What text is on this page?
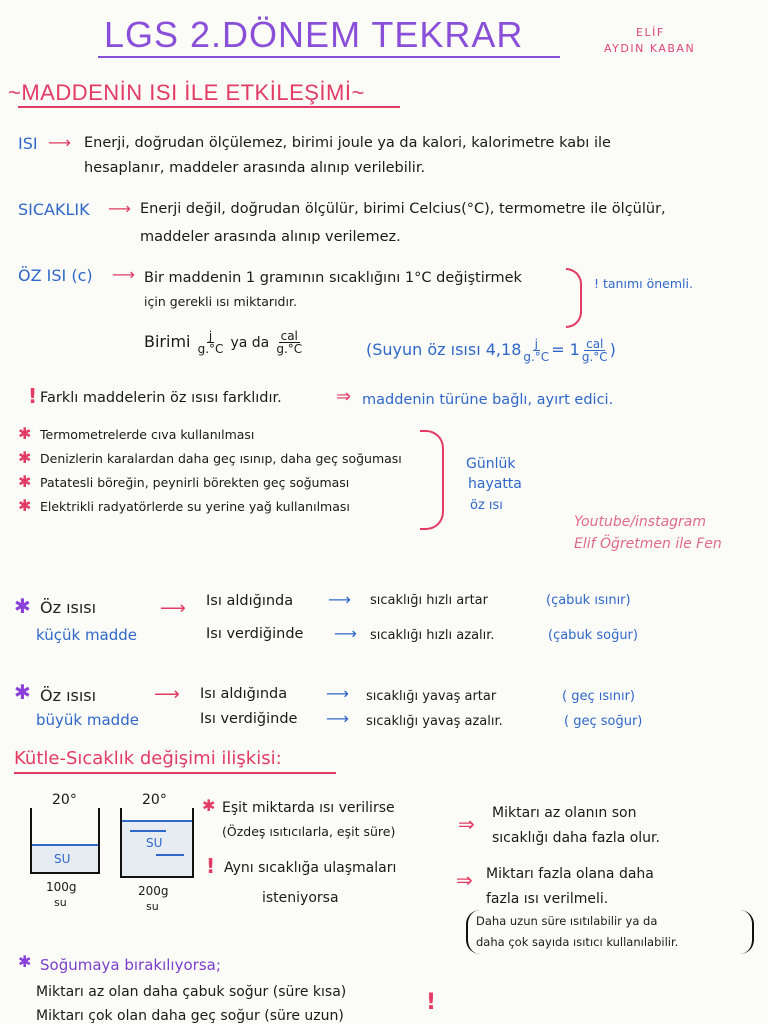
LGS 2.DÖNEM TEKRAR	ELİF
AYDIN KABAN
~MADDENİN ISI İLE ETKİLEŞİMİ~
ISI ⟶ Enerji, doğrudan ölçülemez, birimi joule ya da kalori, kalorimetre kabı ile
hesaplanır, maddeler arasında alınıp verilebilir.
SICAKLIK ⟶ Enerji değil, doğrudan ölçülür, birimi Celcius(°C), termometre ile ölçülür,
maddeler arasında alınıp verilemez.
ÖZ ISI (c) ⟶ Bir maddenin 1 gramının sıcaklığını 1°C değiştirmek
için gerekli ısı miktarıdır.
! tanımı önemli.
Birimi $\frac{j}{g.^\circ C}$ ya da $\frac{\text{cal}}{g.^\circ C}$	(Suyun öz ısısı $4,18 \frac{j}{g.^\circ C} = 1 \frac{\text{cal}}{g.^\circ C}$ )
! Farklı maddelerin öz ısısı farklıdır.	⇒ maddenin türüne bağlı, ayırt edici.
✱ Termometrelerde cıva kullanılması
✱ Denizlerin karalardan daha geç ısınıp, daha geç soğuması
✱ Patatesli böreğin, peynirli börekten geç soğuması
✱ Elektrikli radyatörlerde su yerine yağ kullanılması
Günlük
hayatta
öz ısı
Youtube/instagram
Elif Öğretmen ile Fen
✱ Öz ısısı
küçük madde
⟶ Isı aldığında ⟶ sıcaklığı hızlı artar	(çabuk ısınır)
Isı verdiğinde ⟶ sıcaklığı hızlı azalır.	(çabuk soğur)
✱ Öz ısısı
büyük madde
⟶ Isı aldığında ⟶ sıcaklığı yavaş artar	( geç ısınır)
Isı verdiğinde ⟶ sıcaklığı yavaş azalır.	( geç soğur)
Kütle-Sıcaklık değişimi ilişkisi:
20°
SU
100g
su
20°
SU
200g
su
✱ Eşit miktarda ısı verilirse
(Özdeş ısıtıcılarla, eşit süre)	⇒ Miktarı az olanın son
sıcaklığı daha fazla olur.
! Aynı sıcaklığa ulaşmaları
isteniyorsa
⇒ Miktarı fazla olana daha
fazla ısı verilmeli.
Daha uzun süre ısıtılabilir ya da
daha çok sayıda ısıtıcı kullanılabilir.
✱ Soğumaya bırakılıyorsa;
Miktarı az olan daha çabuk soğur (süre kısa)
Miktarı çok olan daha geç soğur (süre uzun)
!
